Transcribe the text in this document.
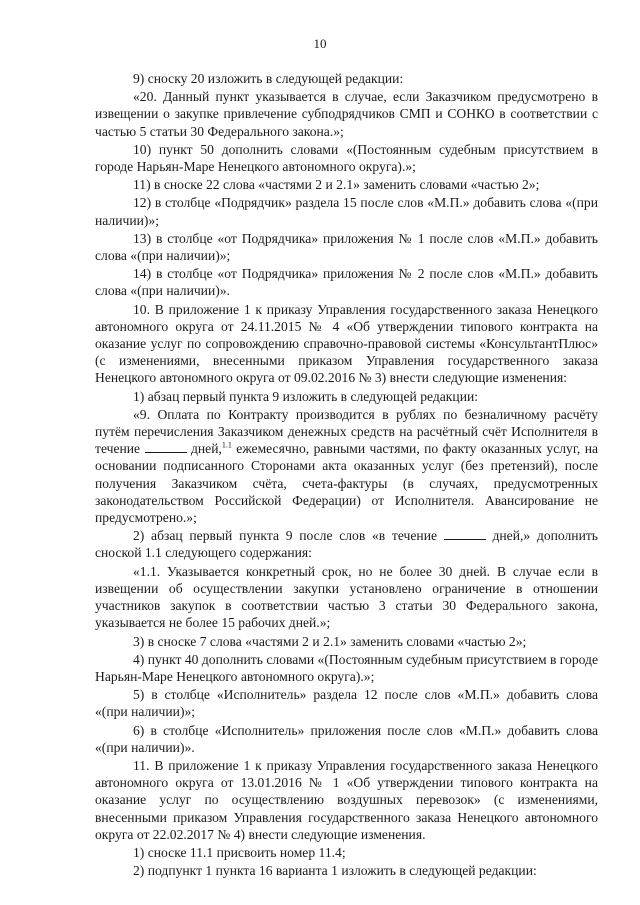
10

9) сноску 20 изложить в следующей редакции:

«20. Данный пункт указывается в случае, если Заказчиком предусмотрено в извещении о закупке привлечение субподрядчиков СМП и СОНКО в соответствии с частью 5 статьи 30 Федерального закона.»;

10) пункт 50 дополнить словами «(Постоянным судебным присутствием в городе Нарьян-Маре Ненецкого автономного округа).»;

11) в сноске 22 слова «частями 2 и 2.1» заменить словами «частью 2»;

12) в столбце «Подрядчик» раздела 15 после слов «М.П.» добавить слова «(при наличии)»;

13) в столбце «от Подрядчика» приложения № 1 после слов «М.П.» добавить слова «(при наличии)»;

14) в столбце «от Подрядчика» приложения № 2 после слов «М.П.» добавить слова «(при наличии)».

10. В приложение 1 к приказу Управления государственного заказа Ненецкого автономного округа от 24.11.2015 № 4 «Об утверждении типового контракта на оказание услуг по сопровождению справочно-правовой системы «КонсультантПлюс» (с изменениями, внесенными приказом Управления государственного заказа Ненецкого автономного округа от 09.02.2016 № 3) внести следующие изменения:

1) абзац первый пункта 9 изложить в следующей редакции:

«9. Оплата по Контракту производится в рублях по безналичному расчёту путём перечисления Заказчиком денежных средств на расчётный счёт Исполнителя в течение	дней,$^{1.1}$ ежемесячно, равными частями, по факту оказанных услуг, на основании подписанного Сторонами акта оказанных услуг (без претензий), после получения Заказчиком счёта, счета-фактуры (в случаях, предусмотренных законодательством Российской Федерации) от Исполнителя. Авансирование не предусмотрено.»;

2) абзац первый пункта 9 после слов «в течение	дней,» дополнить сноской 1.1 следующего содержания:

«1.1. Указывается конкретный срок, но не более 30 дней. В случае если в извещении об осуществлении закупки установлено ограничение в отношении участников закупок в соответствии частью 3 статьи 30 Федерального закона, указывается не более 15 рабочих дней.»;

3) в сноске 7 слова «частями 2 и 2.1» заменить словами «частью 2»;

4) пункт 40 дополнить словами «(Постоянным судебным присутствием в городе Нарьян-Маре Ненецкого автономного округа).»;

5) в столбце «Исполнитель» раздела 12 после слов «М.П.» добавить слова «(при наличии)»;

6) в столбце «Исполнитель» приложения после слов «М.П.» добавить слова «(при наличии)».

11. В приложение 1 к приказу Управления государственного заказа Ненецкого автономного округа от 13.01.2016 № 1 «Об утверждении типового контракта на оказание услуг по осуществлению воздушных перевозок» (с изменениями, внесенными приказом Управления государственного заказа Ненецкого автономного округа от 22.02.2017 № 4) внести следующие изменения.

1) сноске 11.1 присвоить номер 11.4;

2) подпункт 1 пункта 16 варианта 1 изложить в следующей редакции:
